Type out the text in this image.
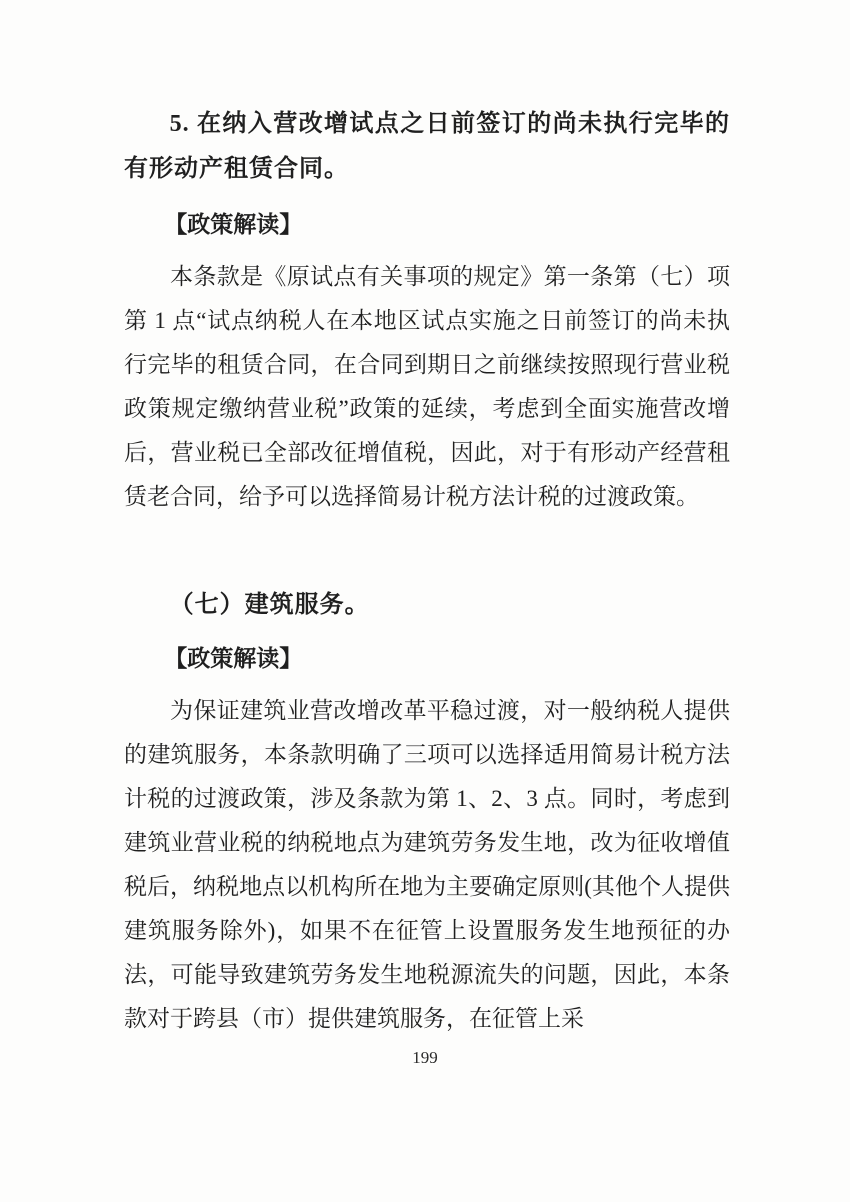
5. 在纳入营改增试点之日前签订的尚未执行完毕的有形动产租赁合同。
【政策解读】

本条款是《原试点有关事项的规定》第一条第（七）项第 1 点“试点纳税人在本地区试点实施之日前签订的尚未执行完毕的租赁合同，在合同到期日之前继续按照现行营业税政策规定缴纳营业税”政策的延续，考虑到全面实施营改增后，营业税已全部改征增值税，因此，对于有形动产经营租赁老合同，给予可以选择简易计税方法计税的过渡政策。

（七）建筑服务。
【政策解读】

为保证建筑业营改增改革平稳过渡，对一般纳税人提供的建筑服务，本条款明确了三项可以选择适用简易计税方法计税的过渡政策，涉及条款为第 1、2、3 点。同时，考虑到建筑业营业税的纳税地点为建筑劳务发生地，改为征收增值税后，纳税地点以机构所在地为主要确定原则(其他个人提供建筑服务除外)，如果不在征管上设置服务发生地预征的办法，可能导致建筑劳务发生地税源流失的问题，因此，本条款对于跨县（市）提供建筑服务，在征管上采

199
